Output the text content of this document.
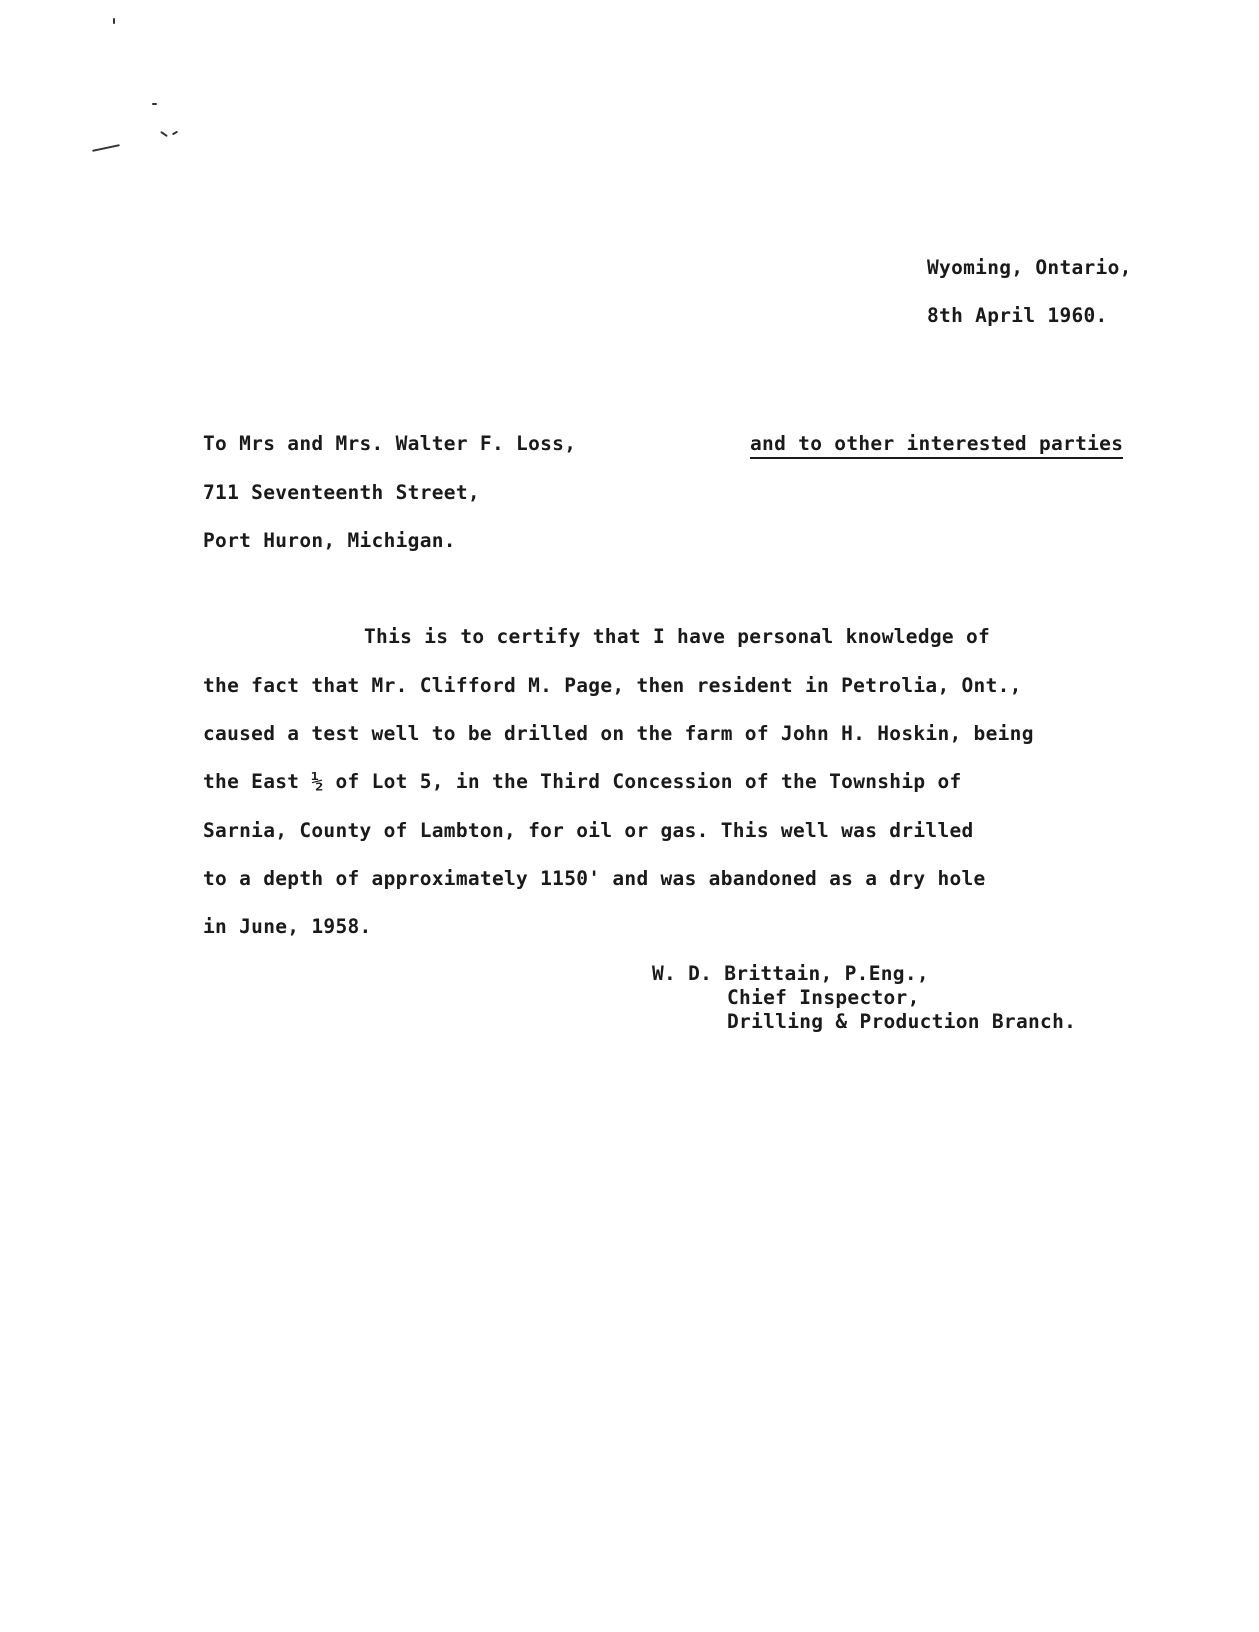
Wyoming, Ontario,
8th April 1960.
To Mrs and Mrs. Walter F. Loss,	and to other interested parties
711 Seventeenth Street,
Port Huron, Michigan.
This is to certify that I have personal knowledge of
the fact that Mr. Clifford M. Page, then resident in Petrolia, Ont.,
caused a test well to be drilled on the farm of John H. Hoskin, being
the East ½ of Lot 5, in the Third Concession of the Township of
Sarnia, County of Lambton, for oil or gas. This well was drilled
to a depth of approximately 1150' and was abandoned as a dry hole
in June, 1958.
W. D. Brittain, P.Eng.,
Chief Inspector,
Drilling & Production Branch.
